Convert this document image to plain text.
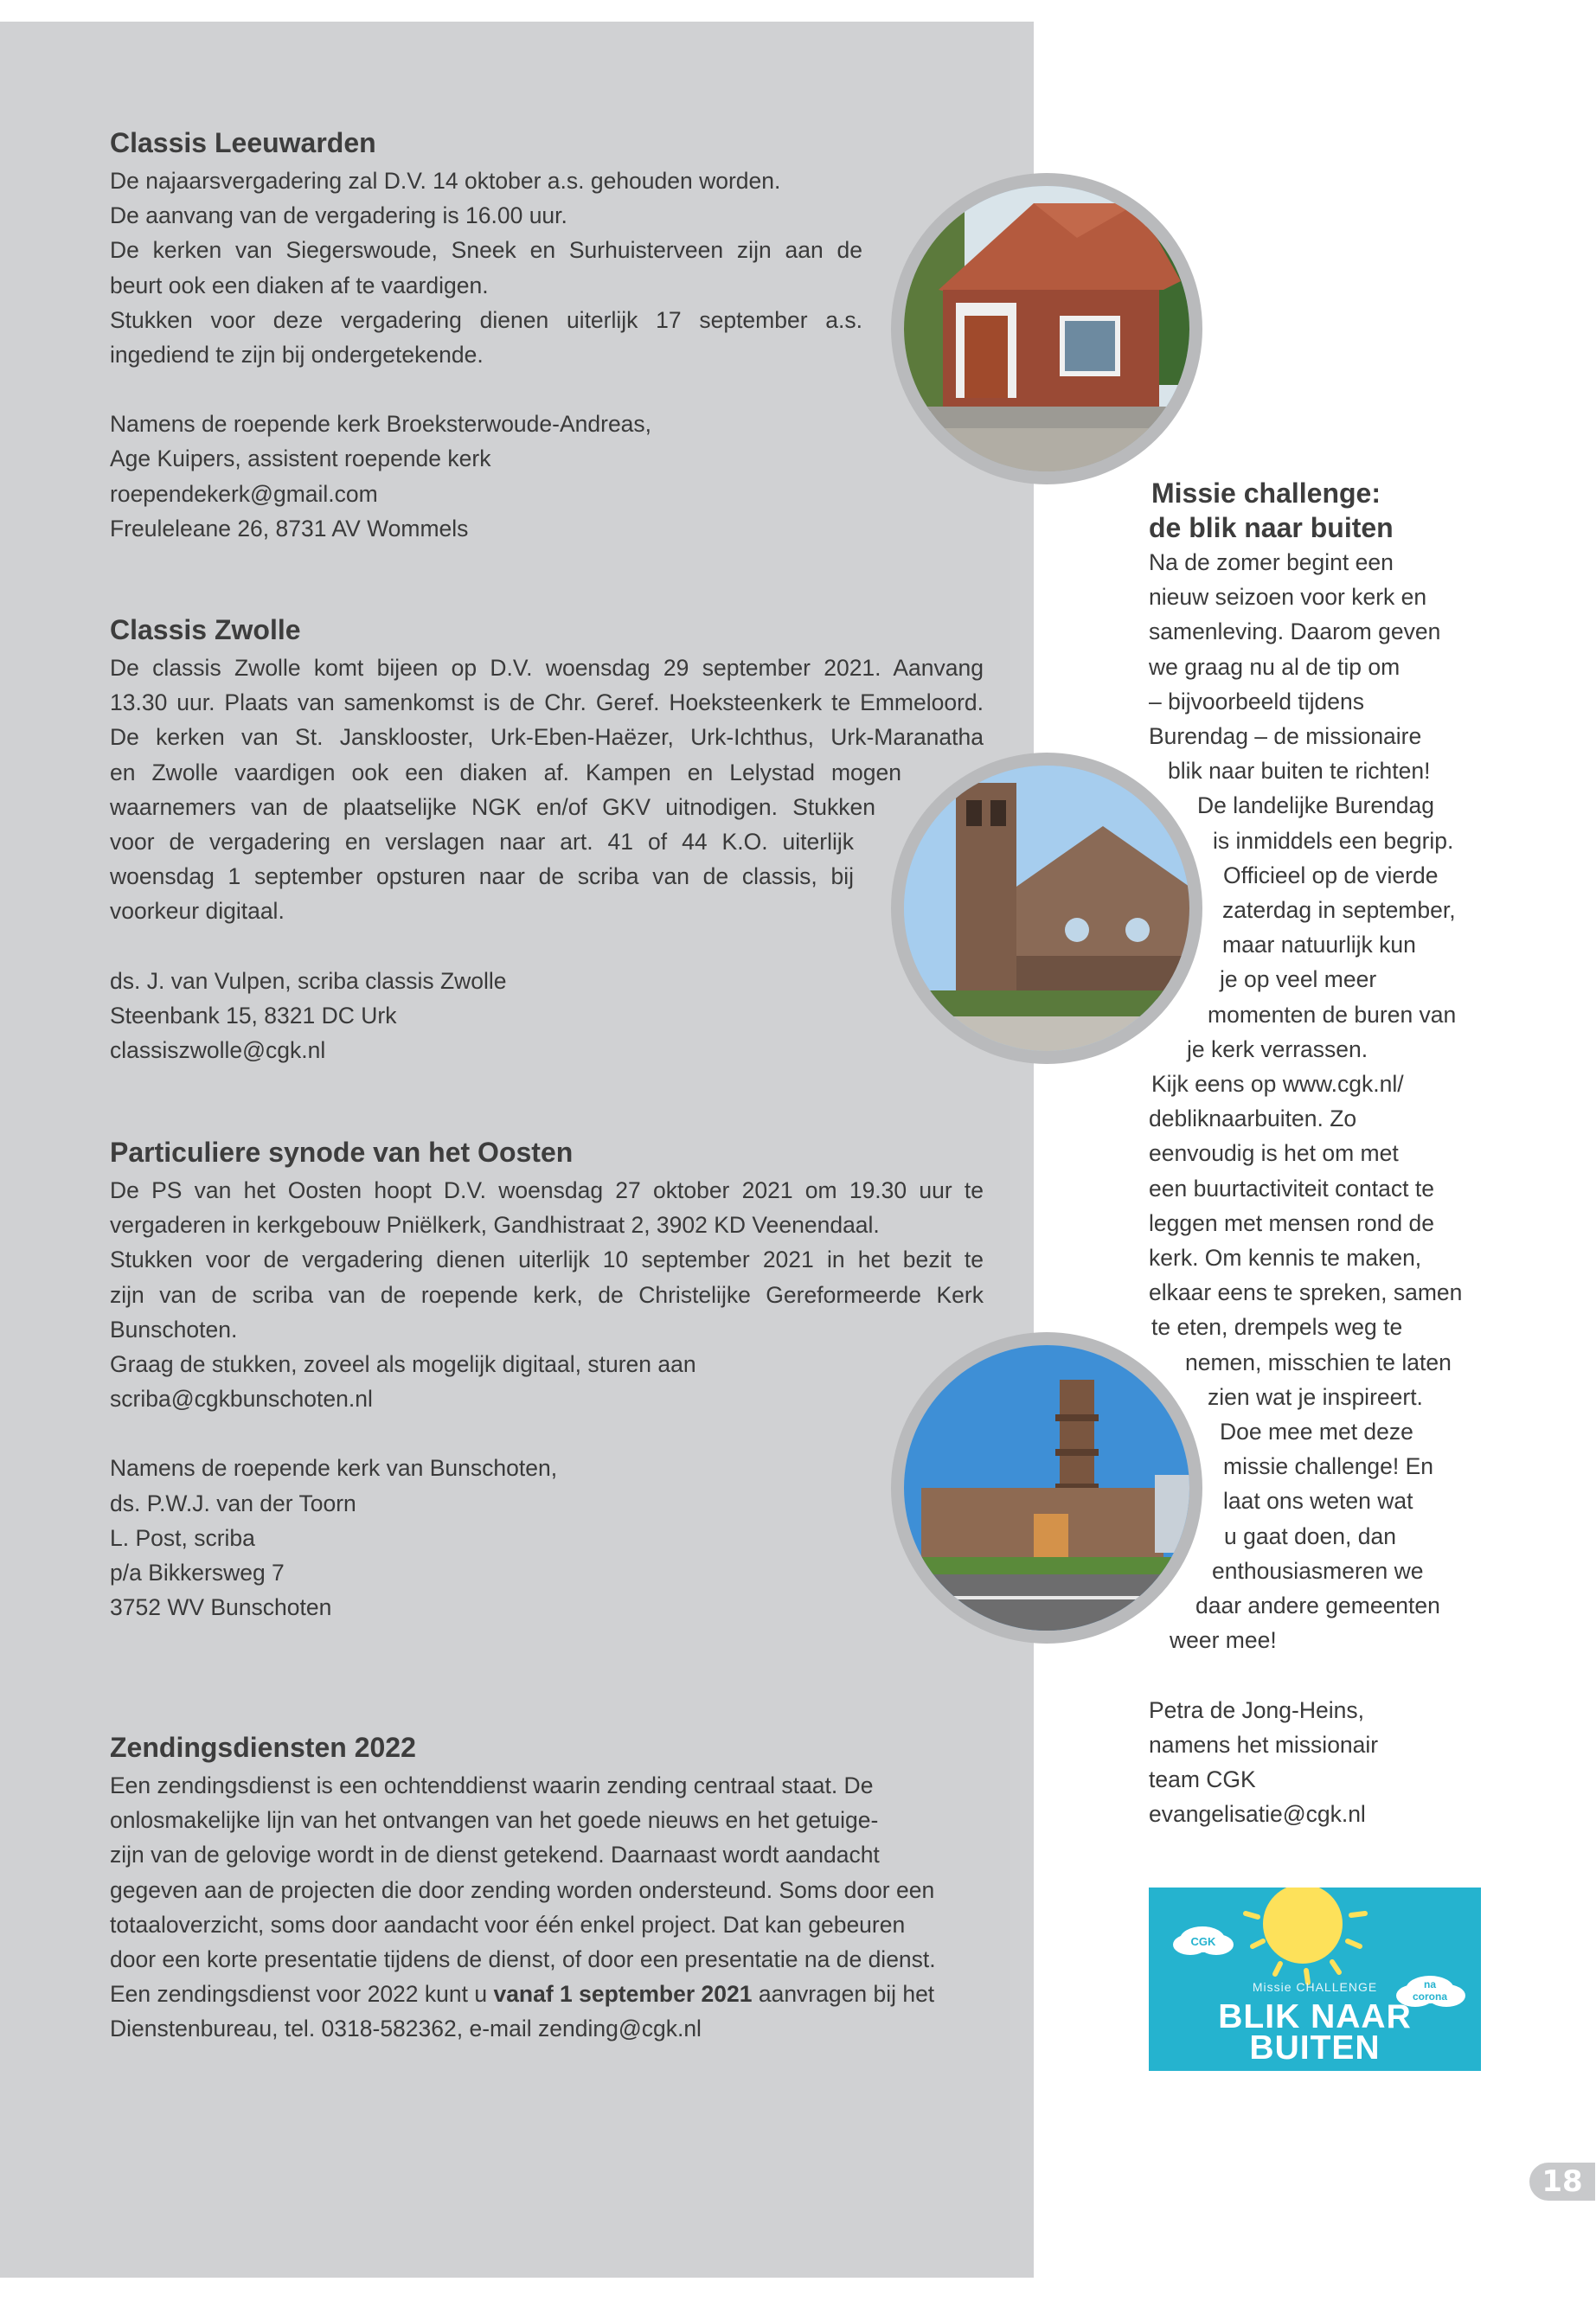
Classis Leeuwarden

De najaarsvergadering zal D.V. 14 oktober a.s. gehouden worden.

De aanvang van de vergadering is 16.00 uur.

De kerken van Siegerswoude, Sneek en Surhuisterveen zijn aan de

beurt ook een diaken af te vaardigen.

Stukken voor deze vergadering dienen uiterlijk 17 september a.s.

ingediend te zijn bij ondergetekende.

Namens de roepende kerk Broeksterwoude-Andreas,

Age Kuipers, assistent roepende kerk

roependekerk@gmail.com

Freuleleane 26, 8731 AV Wommels

Classis Zwolle

De classis Zwolle komt bijeen op D.V. woensdag 29 september 2021. Aanvang

13.30 uur. Plaats van samenkomst is de Chr. Geref. Hoeksteenkerk te Emmeloord.

De kerken van St. Jansklooster, Urk-Eben-Haëzer, Urk-Ichthus, Urk-Maranatha

en Zwolle vaardigen ook een diaken af. Kampen en Lelystad mogen

waarnemers van de plaatselijke NGK en/of GKV uitnodigen. Stukken

voor de vergadering en verslagen naar art. 41 of 44 K.O. uiterlijk

woensdag 1 september opsturen naar de scriba van de classis, bij

voorkeur digitaal.

ds. J. van Vulpen, scriba classis Zwolle

Steenbank 15, 8321 DC Urk

classiszwolle@cgk.nl

Particuliere synode van het Oosten

De PS van het Oosten hoopt D.V. woensdag 27 oktober 2021 om 19.30 uur te

vergaderen in kerkgebouw Pniëlkerk, Gandhistraat 2, 3902 KD Veenendaal.

Stukken voor de vergadering dienen uiterlijk 10 september 2021 in het bezit te

zijn van de scriba van de roepende kerk, de Christelijke Gereformeerde Kerk

Bunschoten.

Graag de stukken, zoveel als mogelijk digitaal, sturen aan

scriba@cgkbunschoten.nl

Namens de roepende kerk van Bunschoten,

ds. P.W.J. van der Toorn

L. Post, scriba

p/a Bikkersweg 7

3752 WV Bunschoten

Zendingsdiensten 2022

Een zendingsdienst is een ochtenddienst waarin zending centraal staat. De

onlosmakelijke lijn van het ontvangen van het goede nieuws en het getuige-

zijn van de gelovige wordt in de dienst getekend. Daarnaast wordt aandacht

gegeven aan de projecten die door zending worden ondersteund. Soms door een

totaaloverzicht, soms door aandacht voor één enkel project. Dat kan gebeuren

door een korte presentatie tijdens de dienst, of door een presentatie na de dienst.

Een zendingsdienst voor 2022 kunt u vanaf 1 september 2021 aanvragen bij het

Dienstenbureau, tel. 0318-582362, e-mail zending@cgk.nl

Missie challenge:
de blik naar buiten
Na de zomer begint een
nieuw seizoen voor kerk en
samenleving. Daarom geven
we graag nu al de tip om
– bijvoorbeeld tijdens
Burendag – de missionaire
blik naar buiten te richten!
De landelijke Burendag
is inmiddels een begrip.
Officieel op de vierde
zaterdag in september,
maar natuurlijk kun
je op veel meer
momenten de buren van
je kerk verrassen.
Kijk eens op www.cgk.nl/
debliknaarbuiten. Zo
eenvoudig is het om met
een buurtactiviteit contact te
leggen met mensen rond de
kerk. Om kennis te maken,
elkaar eens te spreken, samen
te eten, drempels weg te
nemen, misschien te laten
zien wat je inspireert.
Doe mee met deze
missie challenge! En
laat ons weten wat
u gaat doen, dan
enthousiasmeren we
daar andere gemeenten
weer mee!
Petra de Jong-Heins,
namens het missionair
team CGK
evangelisatie@cgk.nl
CGK
Missie CHALLENGE	na
corona
BLIK NAAR
BUITEN
18
